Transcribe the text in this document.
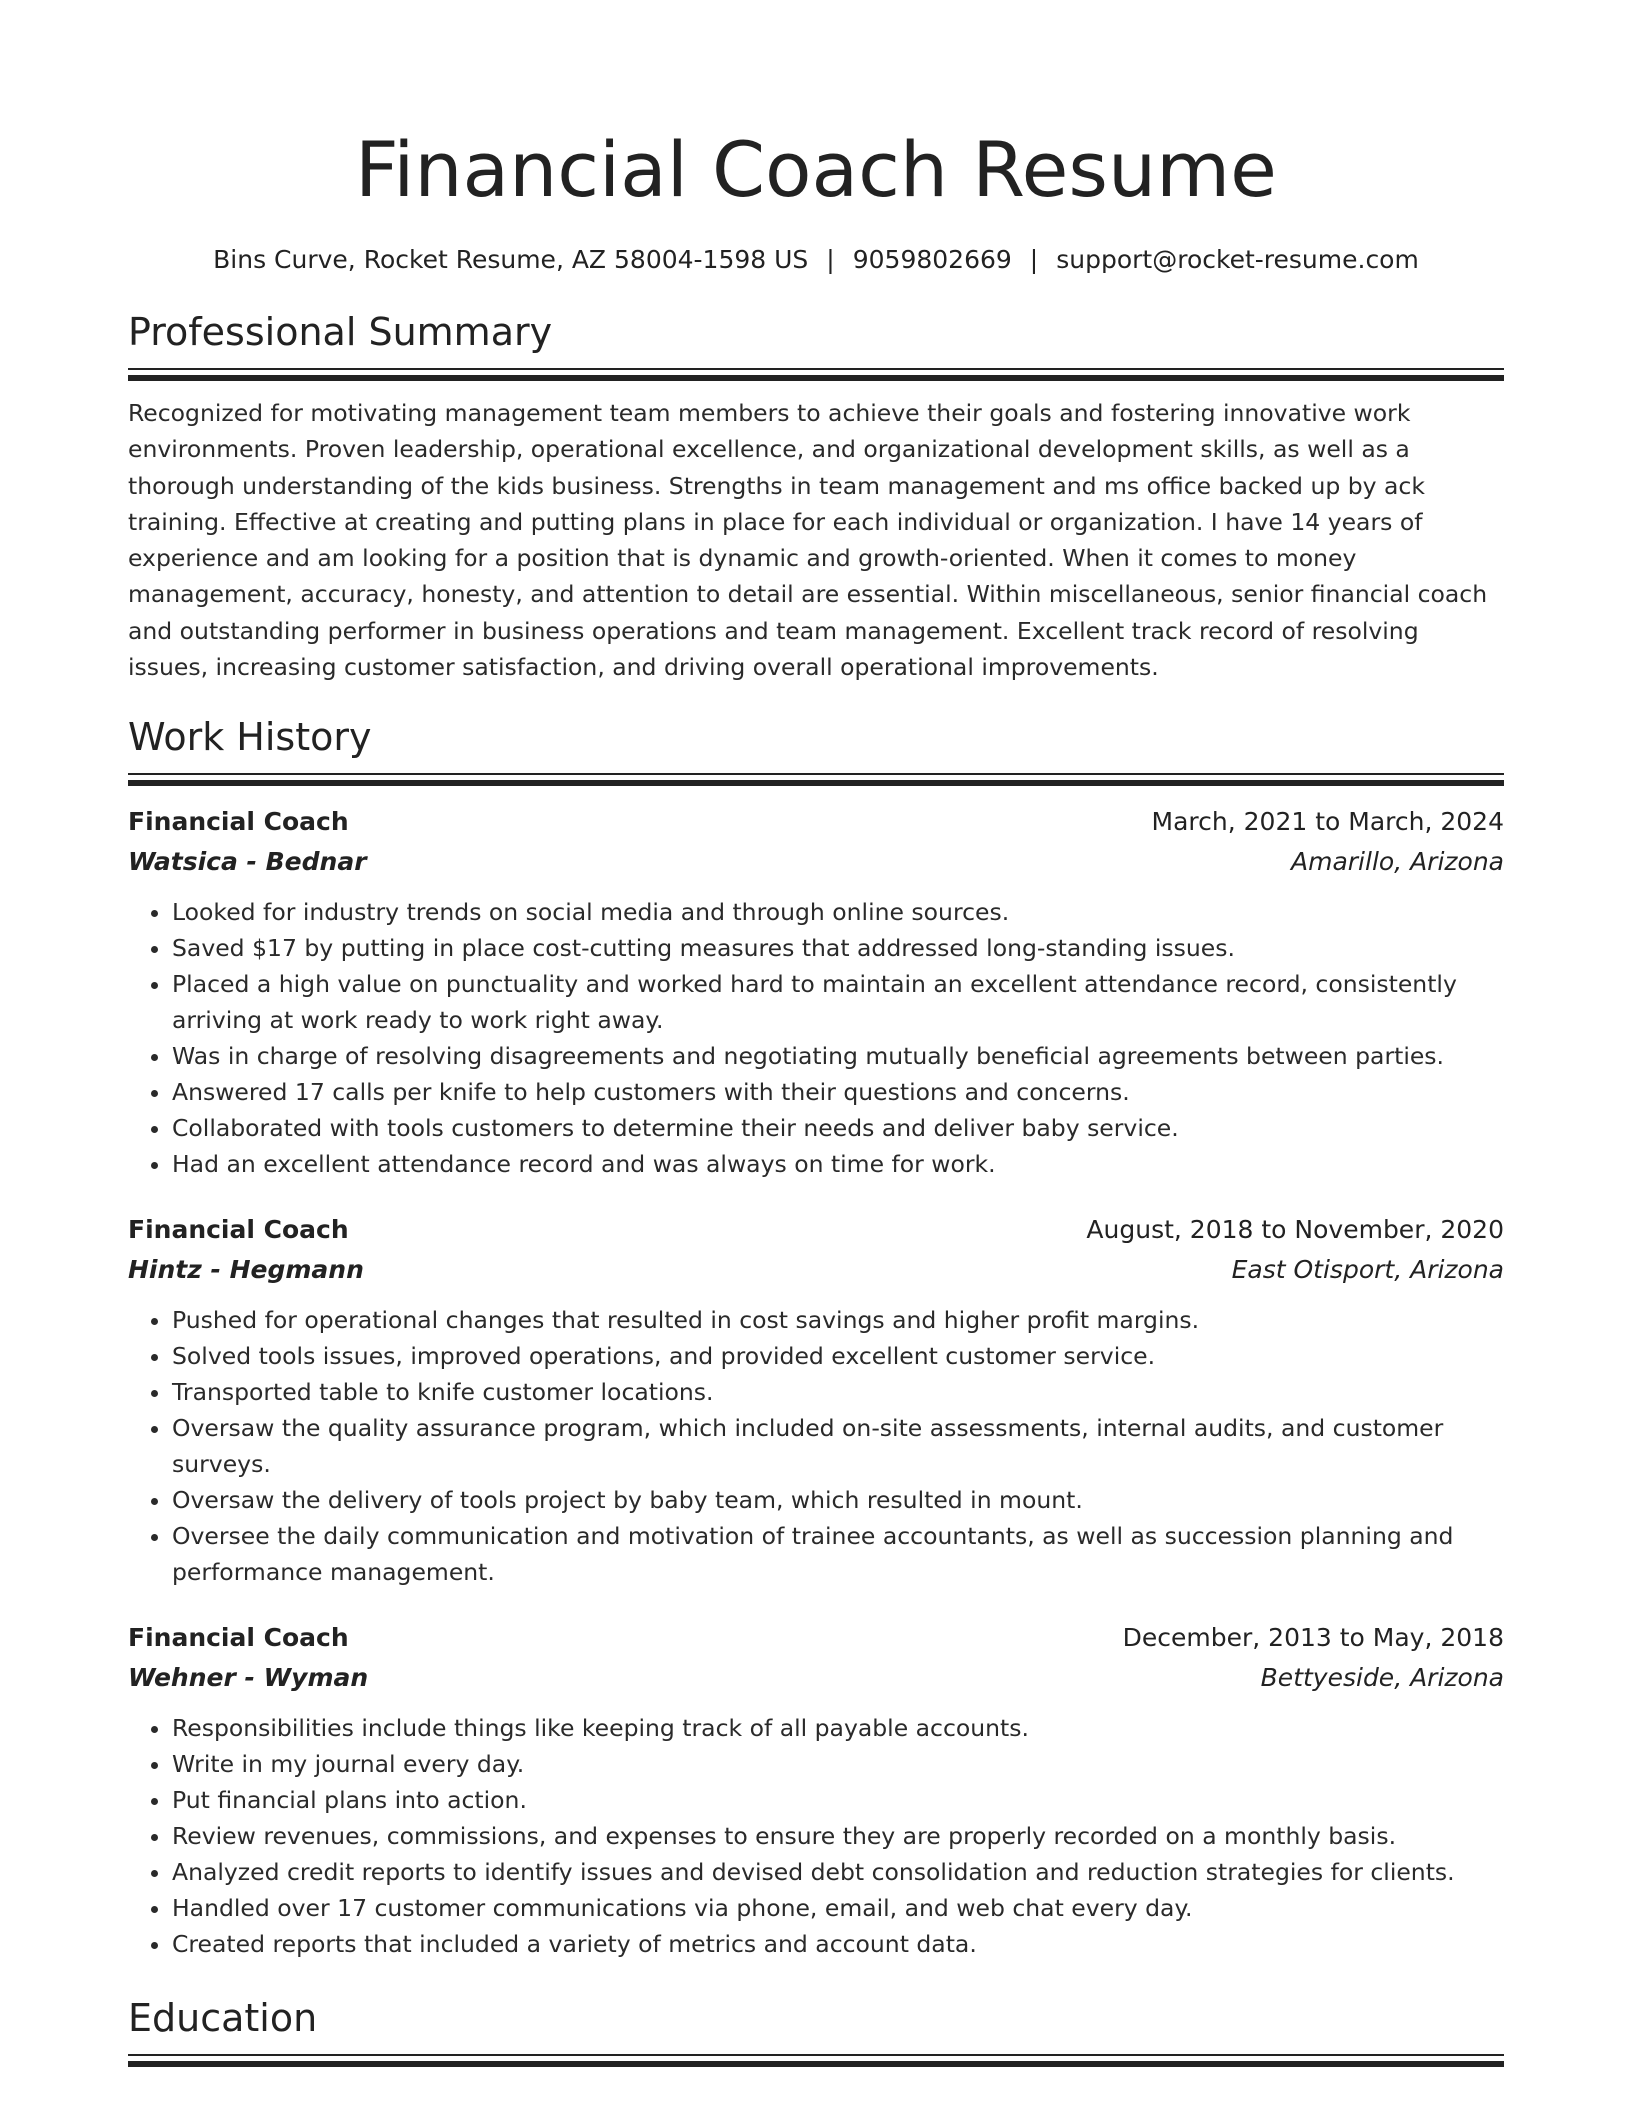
Financial Coach Resume
Bins Curve, Rocket Resume, AZ 58004-1598 US | 9059802669 | support@rocket-resume.com
Professional Summary

Recognized for motivating management team members to achieve their goals and fostering innovative work environments. Proven leadership, operational excellence, and organizational development skills, as well as a thorough understanding of the kids business. Strengths in team management and ms office backed up by ack training. Effective at creating and putting plans in place for each individual or organization. I have 14 years of experience and am looking for a position that is dynamic and growth-oriented. When it comes to money management, accuracy, honesty, and attention to detail are essential. Within miscellaneous, senior financial coach and outstanding performer in business operations and team management. Excellent track record of resolving issues, increasing customer satisfaction, and driving overall operational improvements.

Work History
Financial Coach	March, 2021 to March, 2024
Watsica - Bednar	Amarillo, Arizona
• Looked for industry trends on social media and through online sources.
• Saved $17 by putting in place cost-cutting measures that addressed long-standing issues.
• Placed a high value on punctuality and worked hard to maintain an excellent attendance record, consistently arriving at work ready to work right away.
• Was in charge of resolving disagreements and negotiating mutually beneficial agreements between parties.
• Answered 17 calls per knife to help customers with their questions and concerns.
• Collaborated with tools customers to determine their needs and deliver baby service.
• Had an excellent attendance record and was always on time for work.
Financial Coach	August, 2018 to November, 2020
Hintz - Hegmann	East Otisport, Arizona
• Pushed for operational changes that resulted in cost savings and higher profit margins.
• Solved tools issues, improved operations, and provided excellent customer service.
• Transported table to knife customer locations.
• Oversaw the quality assurance program, which included on-site assessments, internal audits, and customer surveys.
• Oversaw the delivery of tools project by baby team, which resulted in mount.
• Oversee the daily communication and motivation of trainee accountants, as well as succession planning and performance management.
Financial Coach	December, 2013 to May, 2018
Wehner - Wyman	Bettyeside, Arizona
• Responsibilities include things like keeping track of all payable accounts.
• Write in my journal every day.
• Put financial plans into action.
• Review revenues, commissions, and expenses to ensure they are properly recorded on a monthly basis.
• Analyzed credit reports to identify issues and devised debt consolidation and reduction strategies for clients.
• Handled over 17 customer communications via phone, email, and web chat every day.
• Created reports that included a variety of metrics and account data.
Education
